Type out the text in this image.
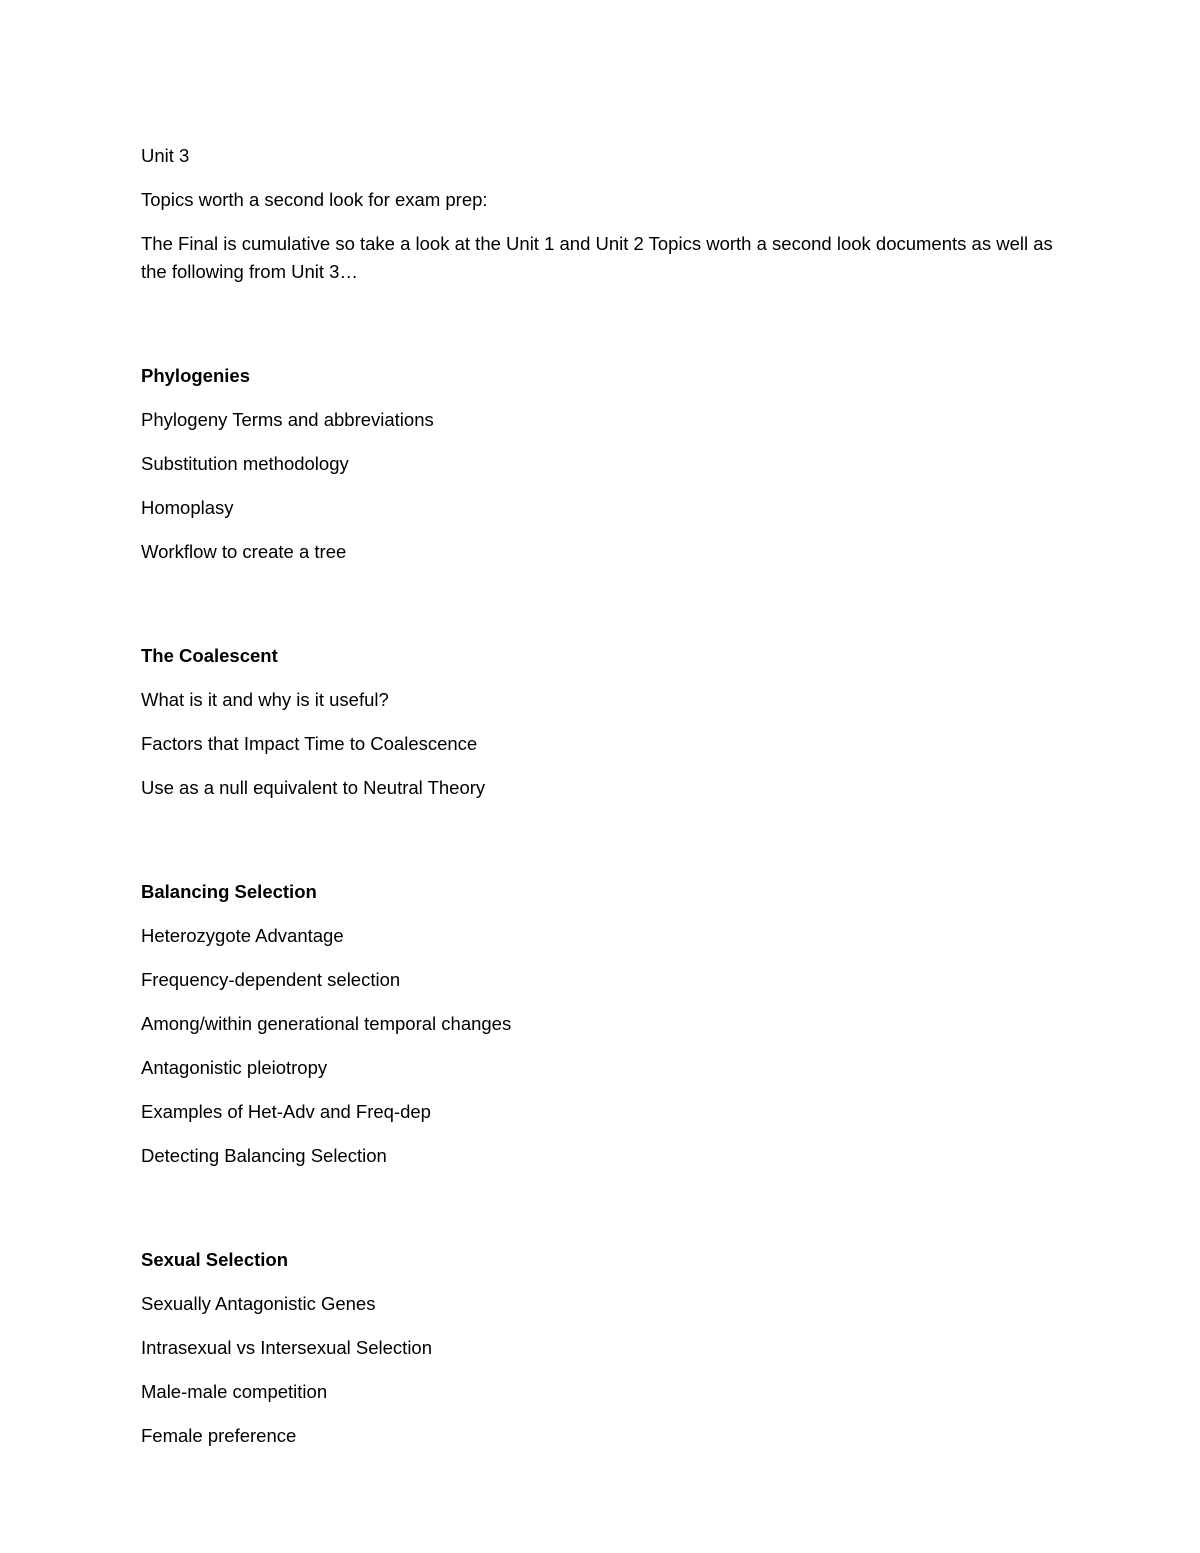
Unit 3

Topics worth a second look for exam prep:

The Final is cumulative so take a look at the Unit 1 and Unit 2 Topics worth a second look documents as well as the following from Unit 3…

Phylogenies

Phylogeny Terms and abbreviations

Substitution methodology

Homoplasy

Workflow to create a tree

The Coalescent

What is it and why is it useful?

Factors that Impact Time to Coalescence

Use as a null equivalent to Neutral Theory

Balancing Selection

Heterozygote Advantage

Frequency-dependent selection

Among/within generational temporal changes

Antagonistic pleiotropy

Examples of Het-Adv and Freq-dep

Detecting Balancing Selection

Sexual Selection

Sexually Antagonistic Genes

Intrasexual vs Intersexual Selection

Male-male competition

Female preference
